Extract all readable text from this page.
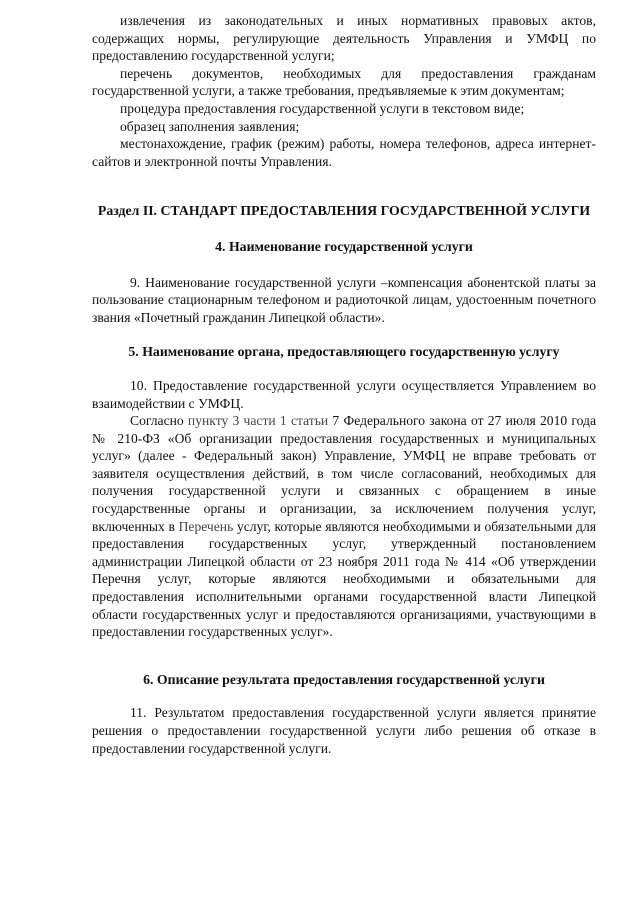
извлечения из законодательных и иных нормативных правовых актов, содержащих нормы, регулирующие деятельность Управления и УМФЦ по предоставлению государственной услуги;

перечень документов, необходимых для предоставления гражданам государственной услуги, а также требования, предъявляемые к этим документам;

процедура предоставления государственной услуги в текстовом виде;

образец заполнения заявления;

местонахождение, график (режим) работы, номера телефонов, адреса интернет-сайтов и электронной почты Управления.

Раздел II. СТАНДАРТ ПРЕДОСТАВЛЕНИЯ ГОСУДАРСТВЕННОЙ УСЛУГИ
4. Наименование государственной услуги

9. Наименование государственной услуги –компенсация абонентской платы за пользование стационарным телефоном и радиоточкой лицам, удостоенным почетного звания «Почетный гражданин Липецкой области».

5. Наименование органа, предоставляющего государственную услугу

10. Предоставление государственной услуги осуществляется Управлением во взаимодействии с УМФЦ.

Согласно пункту 3 части 1 статьи 7 Федерального закона от 27 июля 2010 года № 210-ФЗ «Об организации предоставления государственных и муниципальных услуг» (далее - Федеральный закон) Управление, УМФЦ не вправе требовать от заявителя осуществления действий, в том числе согласований, необходимых для получения государственной услуги и связанных с обращением в иные государственные органы и организации, за исключением получения услуг, включенных в Перечень услуг, которые являются необходимыми и обязательными для предоставления государственных услуг, утвержденный постановлением администрации Липецкой области от 23 ноября 2011 года № 414 «Об утверждении Перечня услуг, которые являются необходимыми и обязательными для предоставления исполнительными органами государственной власти Липецкой области государственных услуг и предоставляются организациями, участвующими в предоставлении государственных услуг».

6. Описание результата предоставления государственной услуги

11. Результатом предоставления государственной услуги является принятие решения о предоставлении государственной услуги либо решения об отказе в предоставлении государственной услуги.
